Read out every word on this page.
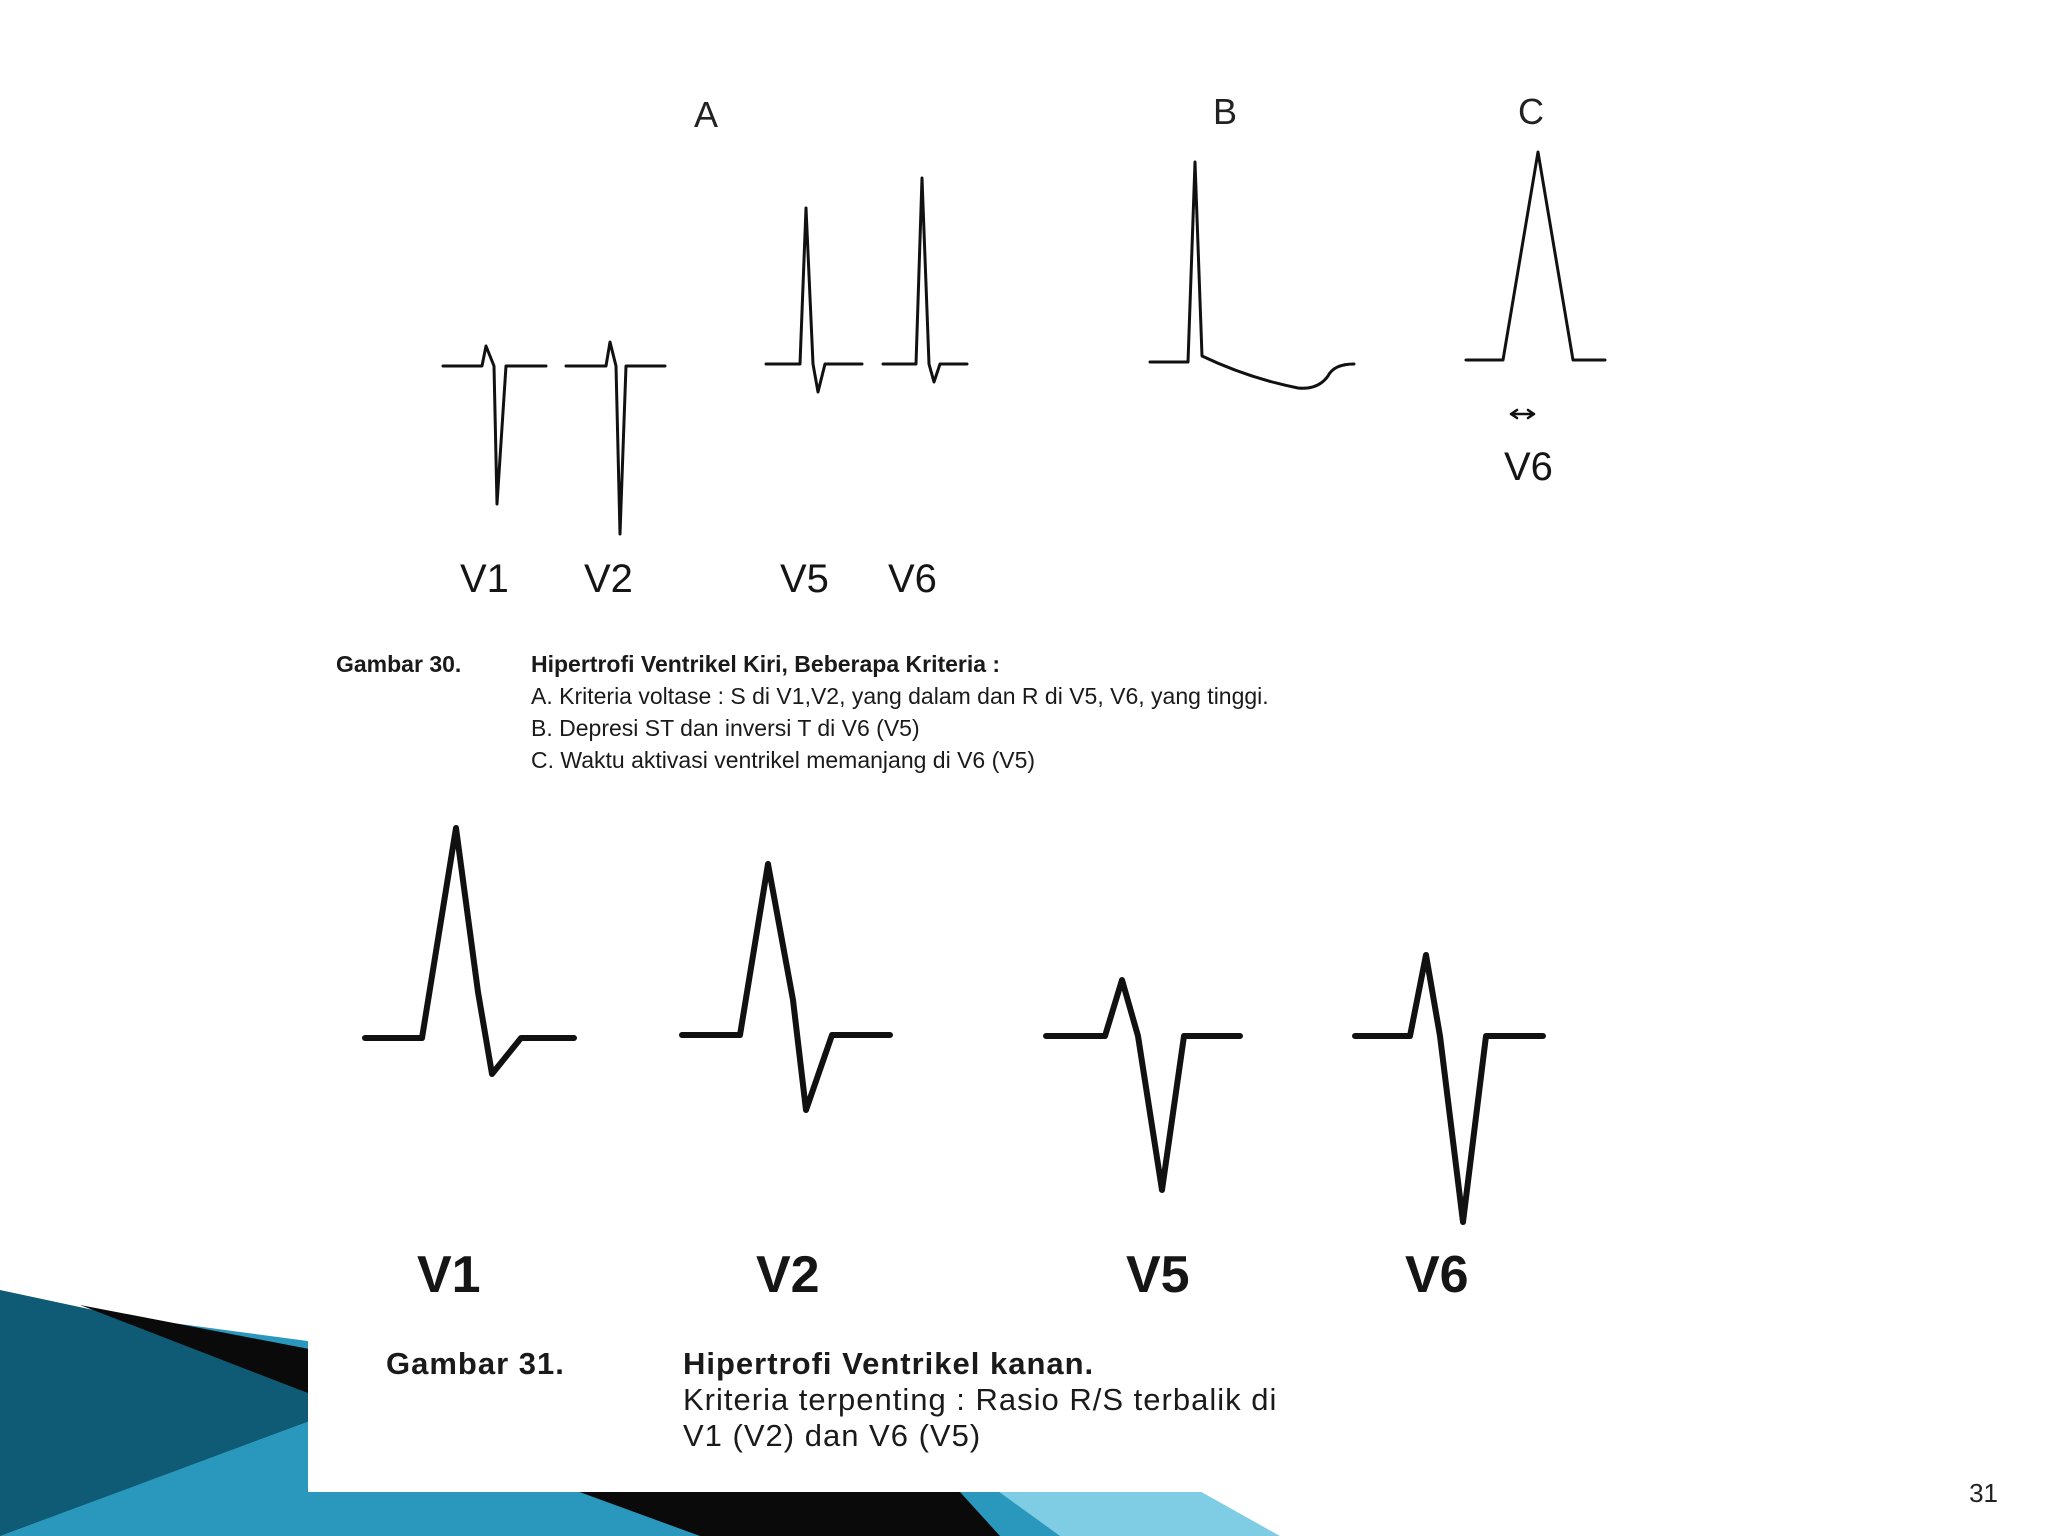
A	B	C
V6
V1 V2	V5 V6
V1	V2	V5	V6
Gambar 30.	Hipertrofi Ventrikel Kiri, Beberapa Kriteria :
A. Kriteria voltase : S di V1,V2, yang dalam dan R di V5, V6, yang tinggi.
B. Depresi ST dan inversi T di V6 (V5)
C. Waktu aktivasi ventrikel memanjang di V6 (V5)
Gambar 31.	Hipertrofi Ventrikel kanan.
Kriteria terpenting : Rasio R/S terbalik di
V1 (V2) dan V6 (V5)
31
